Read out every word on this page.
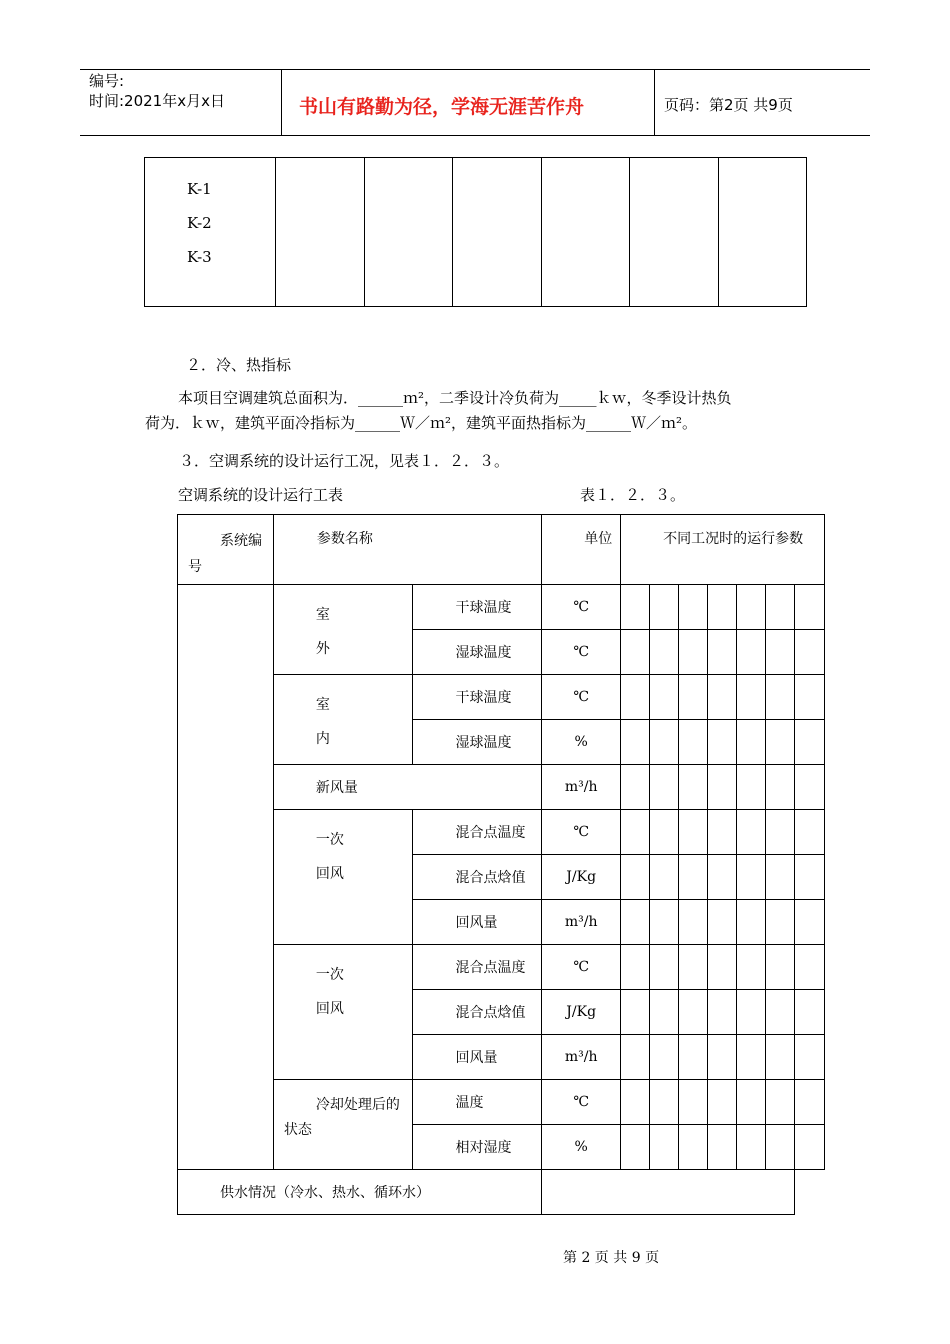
编号:
时间:2021年x月x日	书山有路勤为径，学海无涯苦作舟	页码：第2页 共9页
K-1
K-2
K-3

２．冷、热指标
本项目空调建筑总面积为．______ｍ²，二季设计冷负荷为_____ｋｗ，冬季设计热负
荷为．ｋｗ，建筑平面冷指标为______Ｗ／ｍ²，建筑平面热指标为______Ｗ／ｍ²。
３．空调系统的设计运行工况，见表１．２．３。
空调系统的设计运行工表	表１．２．３。
系统编号	参数名称		单位	不同工况时的运行参数						

	室外	干球温度	℃							
		湿球温度	℃							

	室内	干球温度	℃							
		湿球温度	%							
	新风量		m³/h							

	一次回风	混合点温度	℃							
		混合点焓值	J/Kg							
		回风量	m³/h							

	一次回风	混合点温度	℃							
		混合点焓值	J/Kg							
		回风量	m³/h							

	冷却处理后的状态	温度	℃							
		相对湿度	%							
供水情况（冷水、热水、循环水）										
第 2 页 共 9 页
